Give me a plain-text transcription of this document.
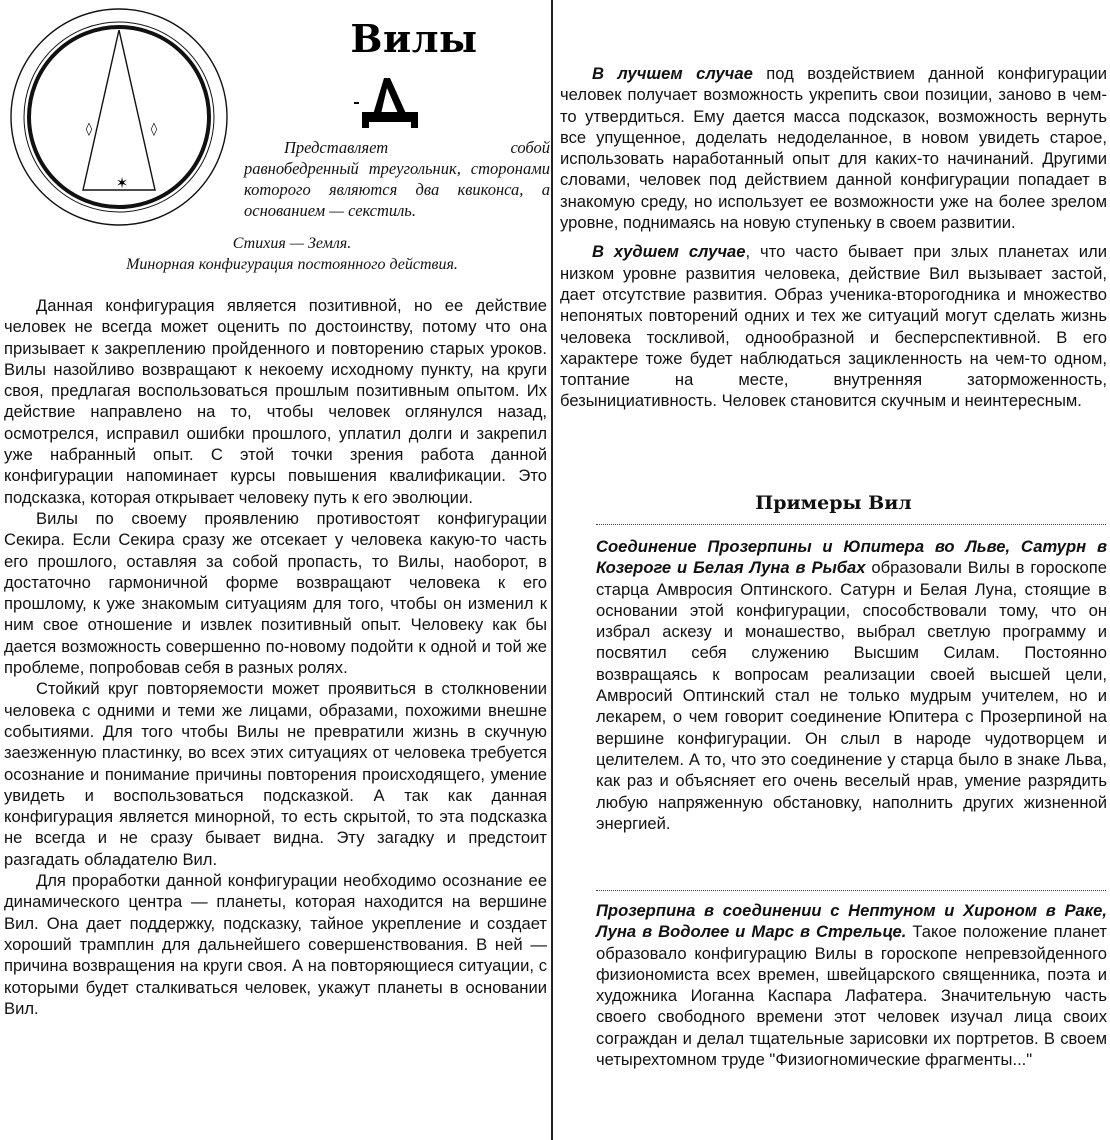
◊	◊
✶
Вилы

Представляет собой равнобедренный треугольник, сторонами которого являются два квиконса, а основанием — секстиль.

Стихия — Земля.
Минорная конфигурация постоянного действия.

Данная конфигурация является позитивной, но ее действие человек не всегда может оценить по достоинству, потому что она призывает к закреплению пройденного и повторению старых уроков. Вилы назойливо возвращают к некоему исходному пункту, на круги своя, предлагая воспользоваться прошлым позитивным опытом. Их действие направлено на то, чтобы человек оглянулся назад, осмотрелся, исправил ошибки прошлого, уплатил долги и закрепил уже набранный опыт. С этой точки зрения работа данной конфигурации напоминает курсы повышения квалификации. Это подсказка, которая открывает человеку путь к его эволюции.

Вилы по своему проявлению противостоят конфигурации Секира. Если Секира сразу же отсекает у человека какую-то часть его прошлого, оставляя за собой пропасть, то Вилы, наоборот, в достаточно гармоничной форме возвращают человека к его прошлому, к уже знакомым ситуациям для того, чтобы он изменил к ним свое отношение и извлек позитивный опыт. Человеку как бы дается возможность совершенно по-новому подойти к одной и той же проблеме, попробовав себя в разных ролях.

Стойкий круг повторяемости может проявиться в столкновении человека с одними и теми же лицами, образами, похожими внешне событиями. Для того чтобы Вилы не превратили жизнь в скучную заезженную пластинку, во всех этих ситуациях от человека требуется осознание и понимание причины повторения происходящего, умение увидеть и воспользоваться подсказкой. А так как данная конфигурация является минорной, то есть скрытой, то эта подсказка не всегда и не сразу бывает видна. Эту загадку и предстоит разгадать обладателю Вил.

Для проработки данной конфигурации необходимо осознание ее динамического центра — планеты, которая находится на вершине Вил. Она дает поддержку, подсказку, тайное укрепление и создает хороший трамплин для дальнейшего совершенствования. В ней — причина возвращения на круги своя. А на повторяющиеся ситуации, с которыми будет сталкиваться человек, укажут планеты в основании Вил.

В лучшем случае под воздействием данной конфигурации человек получает возможность укрепить свои позиции, заново в чем-то утвердиться. Ему дается масса подсказок, возможность вернуть все упущенное, доделать недоделанное, в новом увидеть старое, использовать наработанный опыт для каких-то начинаний. Другими словами, человек под действием данной конфигурации попадает в знакомую среду, но использует ее возможности уже на более зрелом уровне, поднимаясь на новую ступеньку в своем развитии.

В худшем случае, что часто бывает при злых планетах или низком уровне развития человека, действие Вил вызывает застой, дает отсутствие развития. Образ ученика-второгодника и множество непонятых повторений одних и тех же ситуаций могут сделать жизнь человека тоскливой, однообразной и бесперспективной. В его характере тоже будет наблюдаться зацикленность на чем-то одном, топтание на месте, внутренняя заторможенность, безынициативность. Человек становится скучным и неинтересным.

Примеры Вил

Соединение Прозерпины и Юпитера во Льве, Сатурн в Козероге и Белая Луна в Рыбах образовали Вилы в гороскопе старца Амвросия Оптинского. Сатурн и Белая Луна, стоящие в основании этой конфигурации, способствовали тому, что он избрал аскезу и монашество, выбрал светлую программу и посвятил себя служению Высшим Силам. Постоянно возвращаясь к вопросам реализации своей высшей цели, Амвросий Оптинский стал не только мудрым учителем, но и лекарем, о чем говорит соединение Юпитера с Прозерпиной на вершине конфигурации. Он слыл в народе чудотворцем и целителем. А то, что это соединение у старца было в знаке Льва, как раз и объясняет его очень веселый нрав, умение разрядить любую напряженную обстановку, наполнить других жизненной энергией.

Прозерпина в соединении с Нептуном и Хироном в Раке, Луна в Водолее и Марс в Стрельце. Такое положение планет образовало конфигурацию Вилы в гороскопе непревзойденного физиономиста всех времен, швейцарского священника, поэта и художника Иоганна Каспара Лафатера. Значительную часть своего свободного времени этот человек изучал лица своих сограждан и делал тщательные зарисовки их портретов. В своем четырехтомном труде "Физиогномические фрагменты..."
